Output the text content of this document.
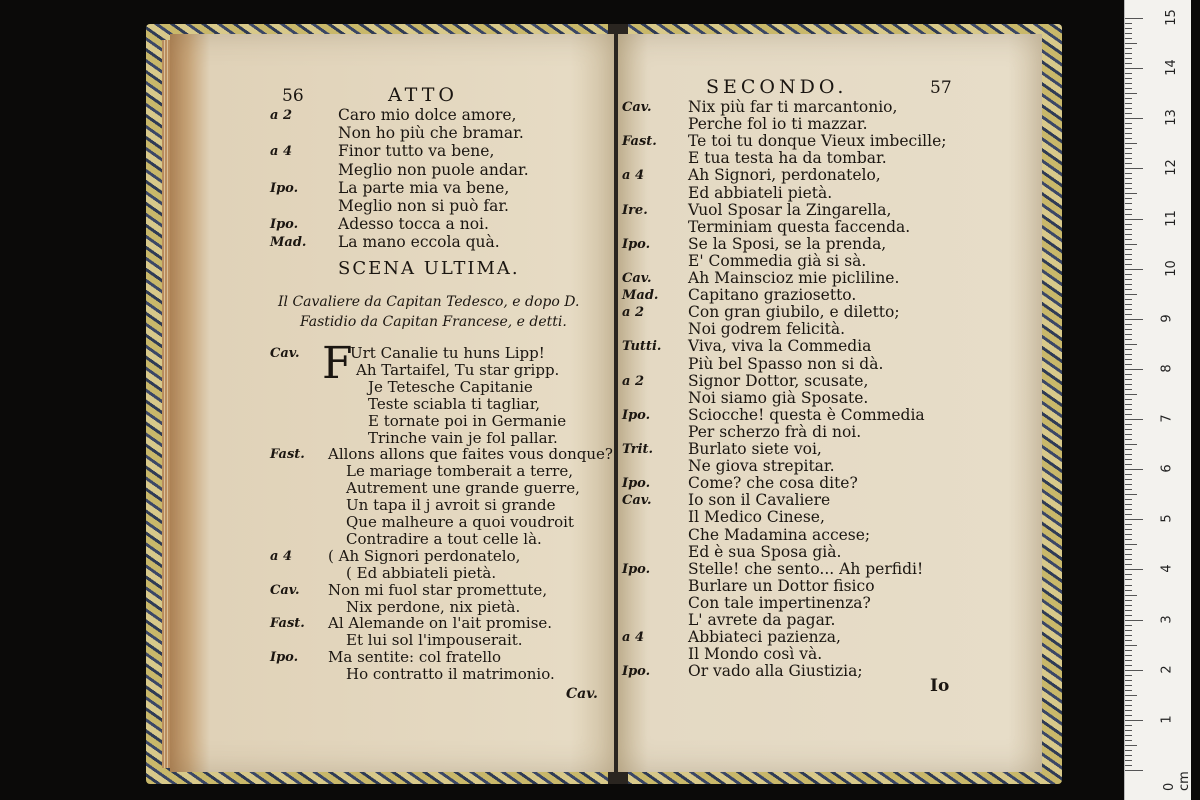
56	ATTO
a 2	Caro mio dolce amore,
Non ho più che bramar.
a 4	Finor tutto va bene,
Meglio non puole andar.
Ipo.	La parte mia va bene,
Meglio non si può far.
Ipo.	Adesso tocca a noi.
Mad. La mano eccola quà.
SCENA ULTIMA.
Il Cavaliere da Capitan Tedesco, e dopo D.
Fastidio da Capitan Francese, e detti.
F
Cav.	Urt Canalie tu huns Lipp!
Ah Tartaifel, Tu star gripp.
Je Tetesche Capitanie
Teste sciabla ti tagliar,
E tornate poi in Germanie
Trinche vain je fol pallar.
Fast. Allons allons que faites vous donque?
Le mariage tomberait a terre,
Autrement une grande guerre,
Un tapa il j avroit si grande
Que malheure a quoi voudroit
Contradire a tout celle là.
a 4 ( Ah Signori perdonatelo,
( Ed abbiateli pietà.
Cav. Non mi fuol star promettute,
Nix perdone, nix pietà.
Fast. Al Alemande on l'ait promise.
Et lui sol l'impouserait.
Ipo. Ma sentite: col fratello
Ho contratto il matrimonio.
Cav.
SECONDO.	57
Cav. Nix più far ti marcantonio,
Perche fol io ti mazzar.
Fast. Te toi tu donque Vieux imbecille;
E tua testa ha da tombar.
a 4	Ah Signori, perdonatelo,
Ed abbiateli pietà.
Ire.	Vuol Sposar la Zingarella,
Terminiam questa faccenda.
Ipo. Se la Sposi, se la prenda,
E' Commedia già si sà.
Cav. Ah Mainscioz mie picliline.
Mad. Capitano graziosetto.
a 2	Con gran giubilo, e diletto;
Noi godrem felicità.
Tutti. Viva, viva la Commedia
Più bel Spasso non si dà.
a 2	Signor Dottor, scusate,
Noi siamo già Sposate.
Ipo. Sciocche! questa è Commedia
Per scherzo frà di noi.
Trit. Burlato siete voi,
Ne giova strepitar.
Ipo. Come? che cosa dite?
Cav. Io son il Cavaliere
Il Medico Cinese,
Che Madamina accese;
Ed è sua Sposa già.
Ipo. Stelle! che sento... Ah perfidi!
Burlare un Dottor fisico
Con tale impertinenza?
L' avrete da pagar.
a 4	Abbiateci pazienza,
Il Mondo così và.
Ipo. Or vado alla Giustizia;
Io
0 cm
1
2
3
4
5
6
7
8
9
10
11
12
13
14
15
